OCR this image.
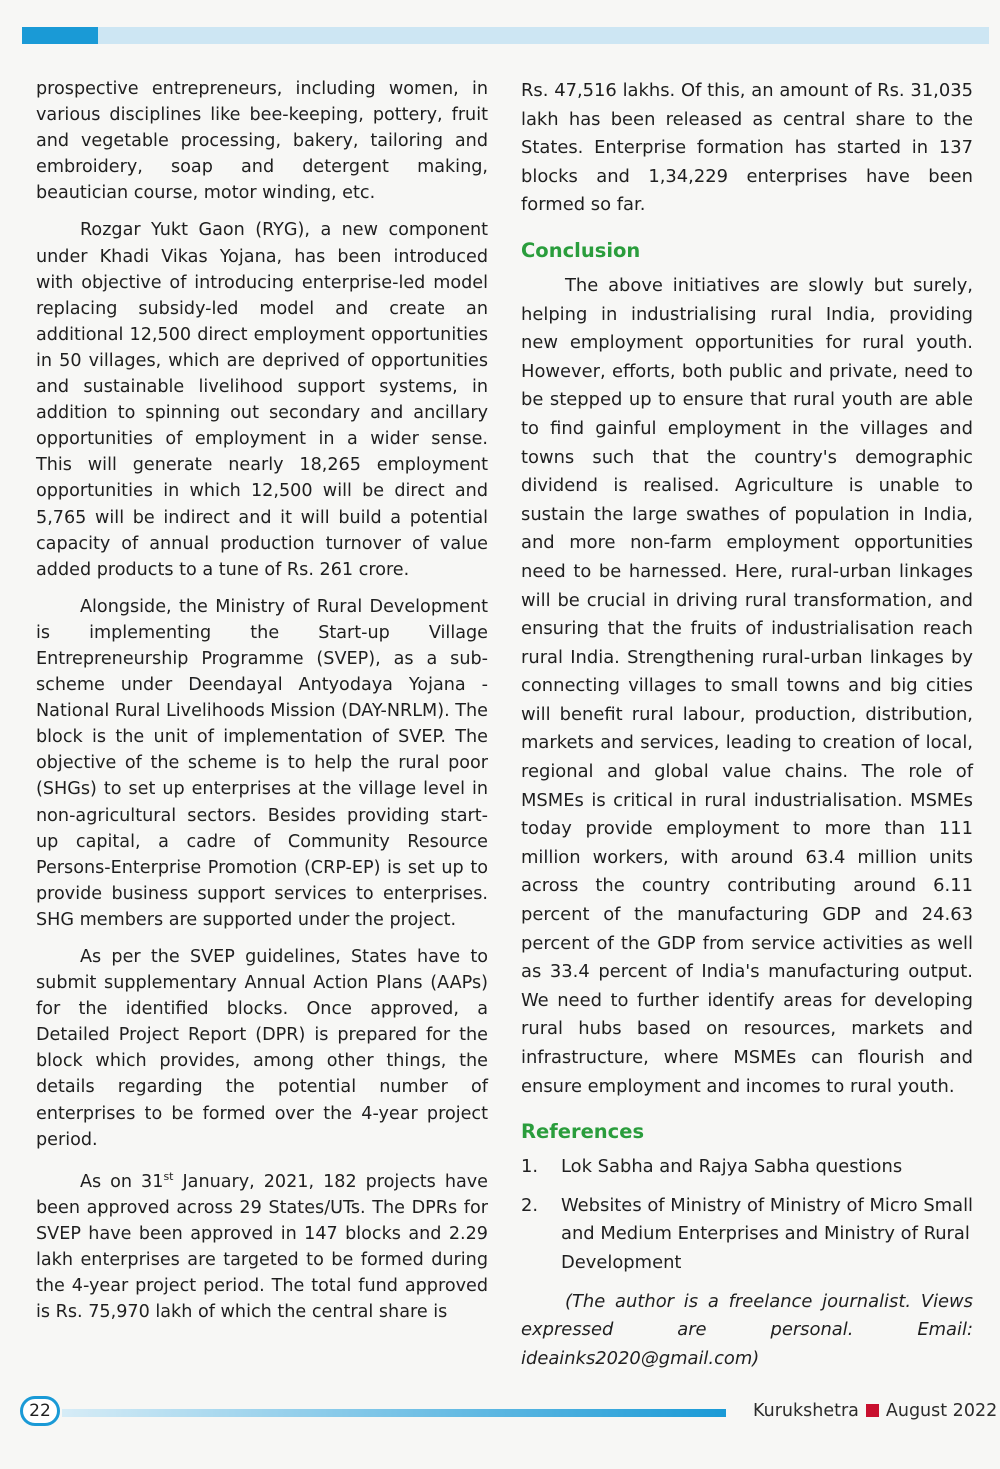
prospective entrepreneurs, including women, in various disciplines like bee-keeping, pottery, fruit and vegetable processing, bakery, tailoring and embroidery, soap and detergent making, beautician course, motor winding, etc.

Rozgar Yukt Gaon (RYG), a new component under Khadi Vikas Yojana, has been introduced with objective of introducing enterprise-led model replacing subsidy-led model and create an additional 12,500 direct employment opportunities in 50 villages, which are deprived of opportunities and sustainable livelihood support systems, in addition to spinning out secondary and ancillary opportunities of employment in a wider sense. This will generate nearly 18,265 employment opportunities in which 12,500 will be direct and 5,765 will be indirect and it will build a potential capacity of annual production turnover of value added products to a tune of Rs. 261 crore.

Alongside, the Ministry of Rural Development is implementing the Start-up Village Entrepreneurship Programme (SVEP), as a sub-scheme under Deendayal Antyodaya Yojana -National Rural Livelihoods Mission (DAY-NRLM). The block is the unit of implementation of SVEP. The objective of the scheme is to help the rural poor (SHGs) to set up enterprises at the village level in non-agricultural sectors. Besides providing start-up capital, a cadre of Community Resource Persons-Enterprise Promotion (CRP-EP) is set up to provide business support services to enterprises. SHG members are supported under the project.

As per the SVEP guidelines, States have to submit supplementary Annual Action Plans (AAPs) for the identified blocks. Once approved, a Detailed Project Report (DPR) is prepared for the block which provides, among other things, the details regarding the potential number of enterprises to be formed over the 4-year project period.

As on 31st January, 2021, 182 projects have been approved across 29 States/UTs. The DPRs for SVEP have been approved in 147 blocks and 2.29 lakh enterprises are targeted to be formed during the 4-year project period. The total fund approved is Rs. 75,970 lakh of which the central share is

Rs. 47,516 lakhs. Of this, an amount of Rs. 31,035 lakh has been released as central share to the States. Enterprise formation has started in 137 blocks and 1,34,229 enterprises have been formed so far.

Conclusion

The above initiatives are slowly but surely, helping in industrialising rural India, providing new employment opportunities for rural youth. However, efforts, both public and private, need to be stepped up to ensure that rural youth are able to find gainful employment in the villages and towns such that the country's demographic dividend is realised. Agriculture is unable to sustain the large swathes of population in India, and more non-farm employment opportunities need to be harnessed. Here, rural-urban linkages will be crucial in driving rural transformation, and ensuring that the fruits of industrialisation reach rural India. Strengthening rural-urban linkages by connecting villages to small towns and big cities will benefit rural labour, production, distribution, markets and services, leading to creation of local, regional and global value chains. The role of MSMEs is critical in rural industrialisation. MSMEs today provide employment to more than 111 million workers, with around 63.4 million units across the country contributing around 6.11 percent of the manufacturing GDP and 24.63 percent of the GDP from service activities as well as 33.4 percent of India's manufacturing output. We need to further identify areas for developing rural hubs based on resources, markets and infrastructure, where MSMEs can flourish and ensure employment and incomes to rural youth.

References
1. Lok Sabha and Rajya Sabha questions
2. Websites of Ministry of Ministry of Micro Small and Medium Enterprises and Ministry of Rural Development

(The author is a freelance journalist. Views expressed are personal. Email: ideainks2020@gmail.com)

22	Kurukshetra August 2022
